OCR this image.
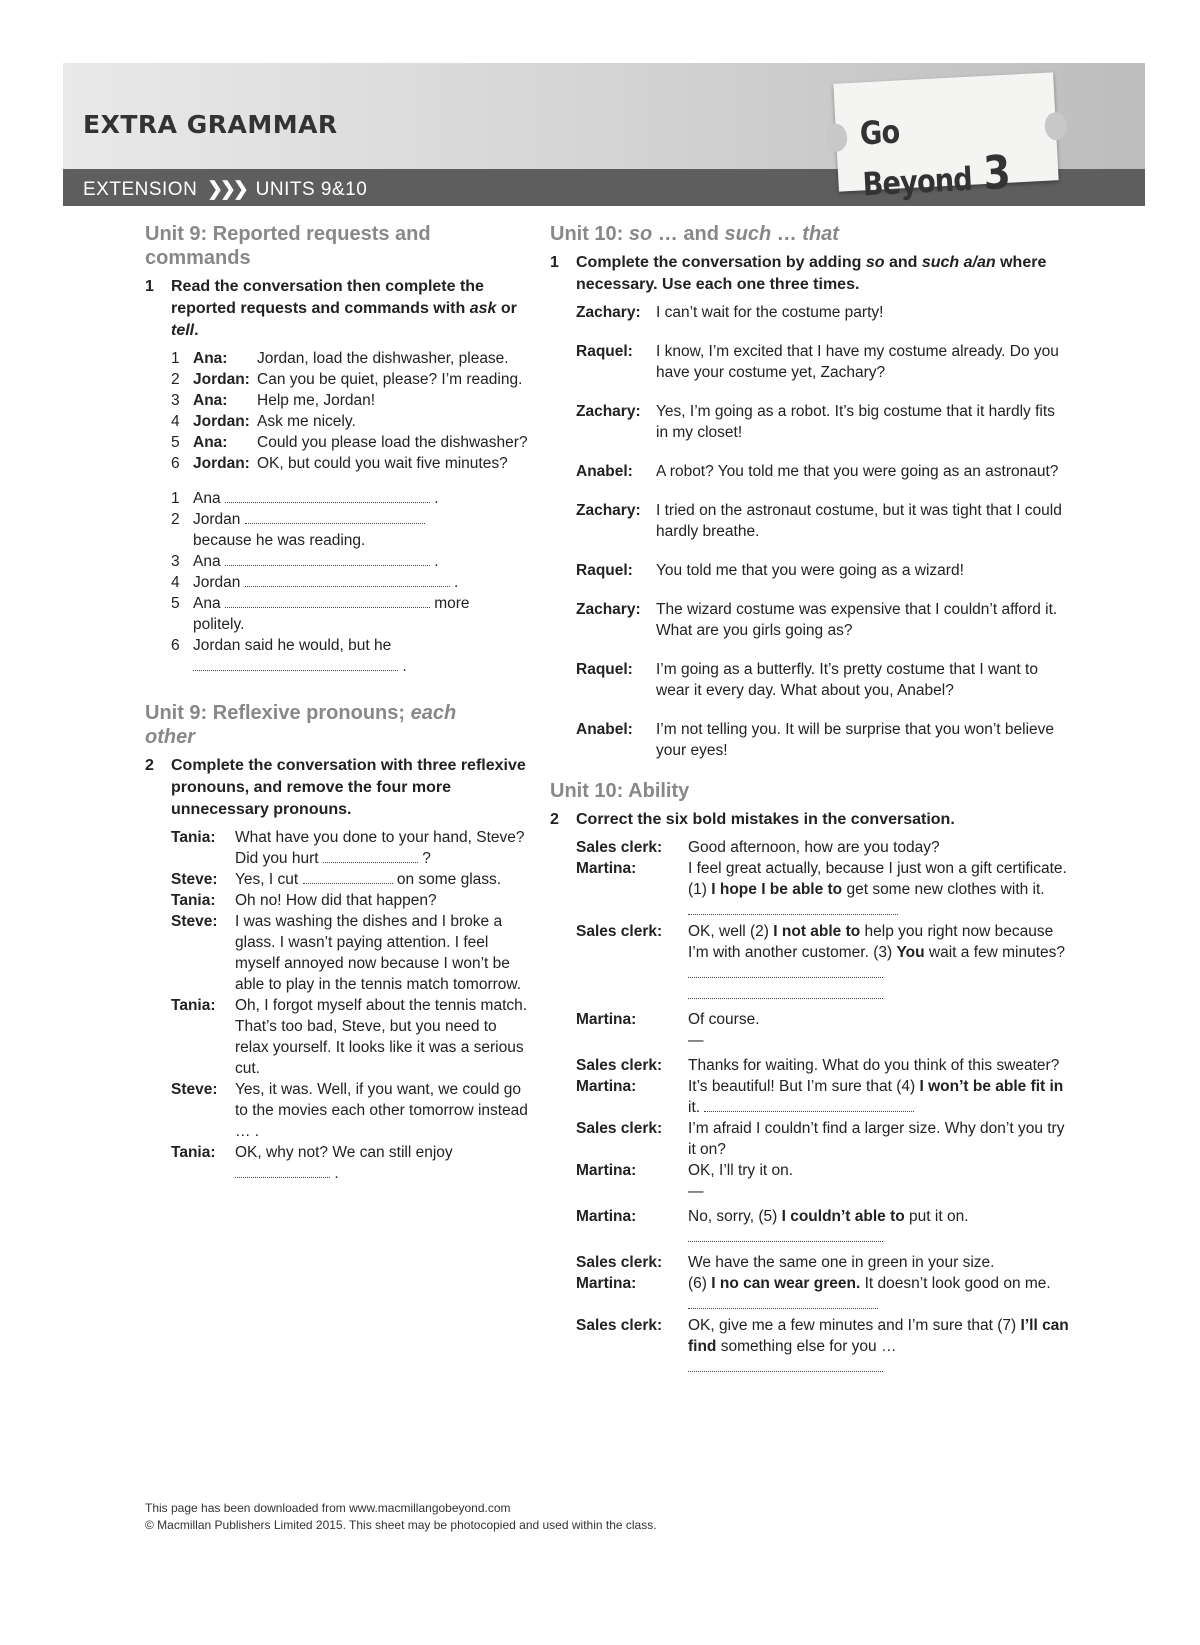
EXTRA GRAMMAR
EXTENSION ❯❯❯ UNITS 9&10
Go Beyond 3
Unit 9: Reported requests and
commands
1	Read the conversation then complete the reported requests and commands with ask or tell.
1 Ana:	Jordan, load the dishwasher, please.
2 Jordan: Can you be quiet, please? I’m reading.
3 Ana:	Help me, Jordan!
4 Jordan: Ask me nicely.
5 Ana:	Could you please load the dishwasher?
6 Jordan: OK, but could you wait five minutes?
1 Ana	.
2 Jordan
because he was reading.
3 Ana	.
4 Jordan	.
5 Ana	more
politely.
6 Jordan said he would, but he
.
Unit 9: Reflexive pronouns; each
other
2	Complete the conversation with three reflexive pronouns, and remove the four more unnecessary pronouns.
Tania:	What have you done to your hand, Steve? Did you hurt	?
Steve:	Yes, I cut	on some glass.
Tania:	Oh no! How did that happen?
Steve:	I was washing the dishes and I broke a glass. I wasn’t paying attention. I feel myself annoyed now because I won’t be able to play in the tennis match tomorrow.
Tania:	Oh, I forgot myself about the tennis match. That’s too bad, Steve, but you need to relax yourself. It looks like it was a serious cut.
Steve:	Yes, it was. Well, if you want, we could go to the movies each other tomorrow instead … .
Tania:	OK, why not? We can still enjoy
.
Unit 10: so … and such … that
1	Complete the conversation by adding so and such a/an where necessary. Use each one three times.
Zachary: I can’t wait for the costume party!
Raquel:	I know, I’m excited that I have my costume already. Do you have your costume yet, Zachary?
Zachary: Yes, I’m going as a robot. It’s big costume that it hardly fits in my closet!
Anabel:	A robot? You told me that you were going as an astronaut?
Zachary: I tried on the astronaut costume, but it was tight that I could hardly breathe.
Raquel:	You told me that you were going as a wizard!
Zachary: The wizard costume was expensive that I couldn’t afford it. What are you girls going as?
Raquel:	I’m going as a butterfly. It’s pretty costume that I want to wear it every day. What about you, Anabel?
Anabel:	I’m not telling you. It will be surprise that you won’t believe your eyes!
Unit 10: Ability
2	Correct the six bold mistakes in the conversation.
Sales clerk:	Good afternoon, how are you today?
Martina:	I feel great actually, because I just won a gift certificate. (1) I hope I be able to get some new clothes with it.
Sales clerk:	OK, well (2) I not able to help you right now because I’m with another customer. (3) You wait a few minutes?

Martina:	Of course.
—
Sales clerk:	Thanks for waiting. What do you think of this sweater?
Martina:	It’s beautiful! But I’m sure that (4) I won’t be able fit in it.
Sales clerk:	I’m afraid I couldn’t find a larger size. Why don’t you try it on?
Martina:	OK, I’ll try it on.
—
Martina:	No, sorry, (5) I couldn’t able to put it on.

Sales clerk:	We have the same one in green in your size.
Martina:	(6) I no can wear green. It doesn’t look good on me.
Sales clerk:	OK, give me a few minutes and I’m sure that (7) I’ll can find something else for you …

This page has been downloaded from www.macmillangobeyond.com
© Macmillan Publishers Limited 2015. This sheet may be photocopied and used within the class.
